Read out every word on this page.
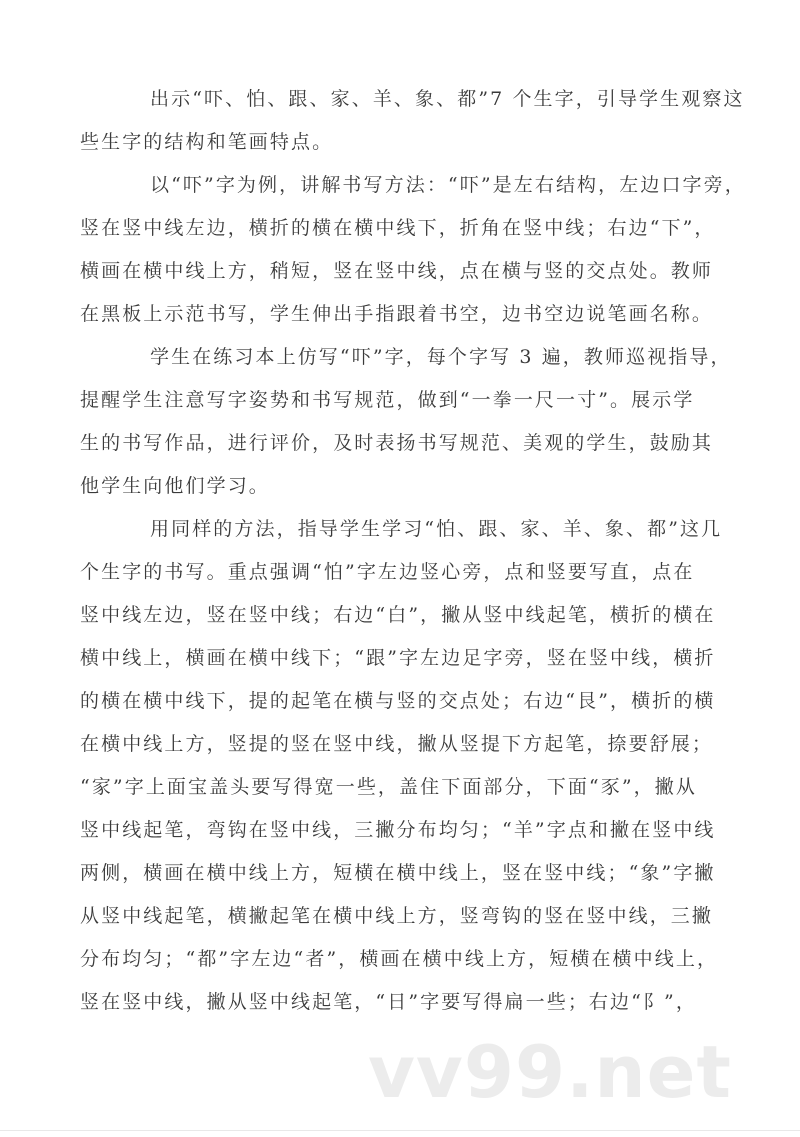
出示“吓、怕、跟、家、羊、象、都”7 个生字，引导学生观察这
些生字的结构和笔画特点。
以“吓”字为例，讲解书写方法：“吓”是左右结构，左边口字旁，
竖在竖中线左边，横折的横在横中线下，折角在竖中线；右边“下”，
横画在横中线上方，稍短，竖在竖中线，点在横与竖的交点处。教师
在黑板上示范书写，学生伸出手指跟着书空，边书空边说笔画名称。
学生在练习本上仿写“吓”字，每个字写 3 遍，教师巡视指导，
提醒学生注意写字姿势和书写规范，做到“一拳一尺一寸”。展示学
生的书写作品，进行评价，及时表扬书写规范、美观的学生，鼓励其
他学生向他们学习。
用同样的方法，指导学生学习“怕、跟、家、羊、象、都”这几
个生字的书写。重点强调“怕”字左边竖心旁，点和竖要写直，点在
竖中线左边，竖在竖中线；右边“白”，撇从竖中线起笔，横折的横在
横中线上，横画在横中线下；“跟”字左边足字旁，竖在竖中线，横折
的横在横中线下，提的起笔在横与竖的交点处；右边“艮”，横折的横
在横中线上方，竖提的竖在竖中线，撇从竖提下方起笔，捺要舒展；
“家”字上面宝盖头要写得宽一些，盖住下面部分，下面“豕”，撇从
竖中线起笔，弯钩在竖中线，三撇分布均匀；“羊”字点和撇在竖中线
两侧，横画在横中线上方，短横在横中线上，竖在竖中线；“象”字撇
从竖中线起笔，横撇起笔在横中线上方，竖弯钩的竖在竖中线，三撇
分布均匀；“都”字左边“者”，横画在横中线上方，短横在横中线上，
竖在竖中线，撇从竖中线起笔，“日”字要写得扁一些；右边“阝”，
vv99.net
